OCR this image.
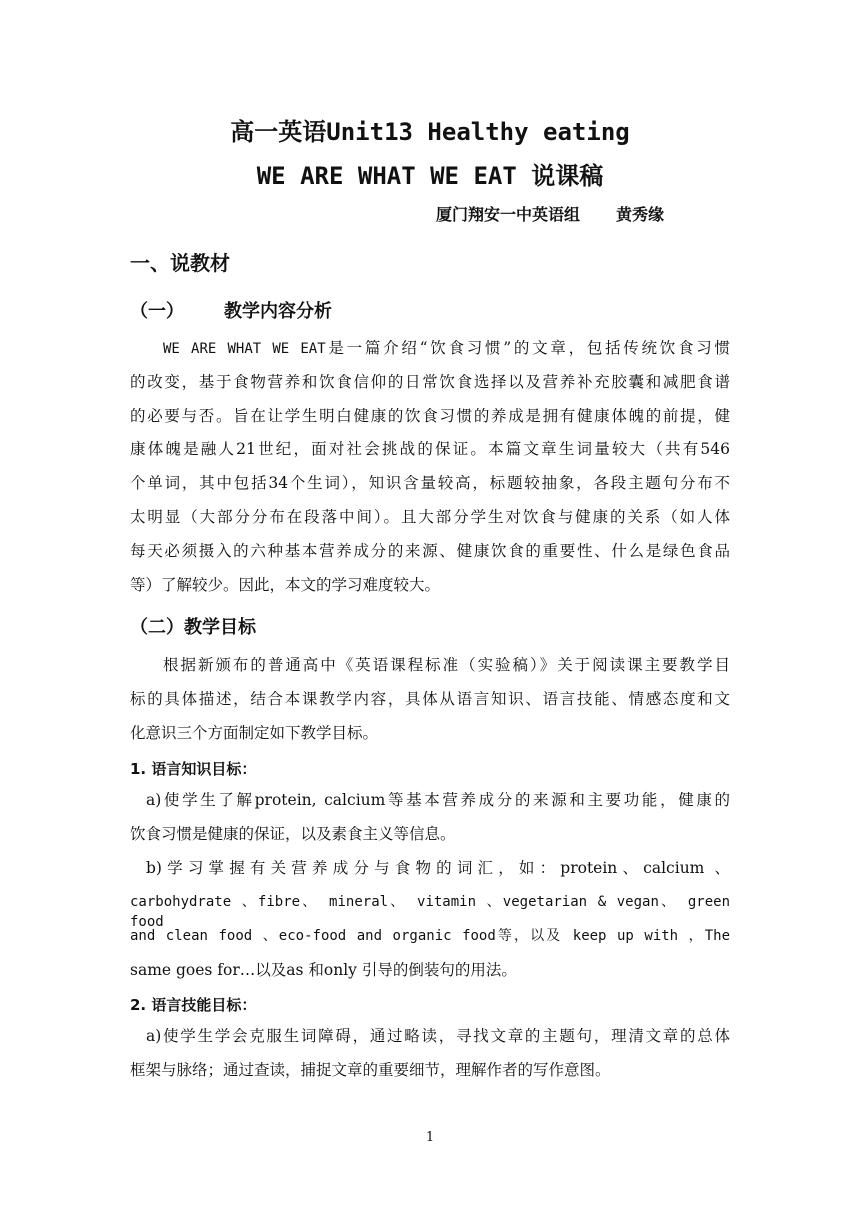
高一英语Unit13 Healthy eating
WE ARE WHAT WE EAT 说课稿
厦门翔安一中英语组 黄秀缘
一、说教材
（一） 教学内容分析
WE ARE WHAT WE EAT是一篇介绍“饮食习惯”的文章，包括传统饮食习惯
的改变，基于食物营养和饮食信仰的日常饮食选择以及营养补充胶囊和减肥食谱
的必要与否。旨在让学生明白健康的饮食习惯的养成是拥有健康体魄的前提，健
康体魄是融人21世纪，面对社会挑战的保证。本篇文章生词量较大（共有546
个单词，其中包括34个生词），知识含量较高，标题较抽象，各段主题句分布不
太明显（大部分分布在段落中间）。且大部分学生对饮食与健康的关系（如人体
每天必须摄入的六种基本营养成分的来源、健康饮食的重要性、什么是绿色食品
等）了解较少。因此，本文的学习难度较大。
（二）教学目标
根据新颁布的普通高中《英语课程标准（实验稿）》关于阅读课主要教学目
标的具体描述，结合本课教学内容，具体从语言知识、语言技能、情感态度和文
化意识三个方面制定如下教学目标。
1. 语言知识目标：
a)使学生了解protein, calcium等基本营养成分的来源和主要功能，健康的
饮食习惯是健康的保证，以及素食主义等信息。
b)学习掌握有关营养成分与食物的词汇，如：protein、calcium 、
carbohydrate 、fibre、 mineral、 vitamin 、vegetarian & vegan、 green food
and clean food 、eco-food and organic food等，以及 keep up with ，The
same goes for…以及as 和only 引导的倒装句的用法。
2. 语言技能目标：
a)使学生学会克服生词障碍，通过略读，寻找文章的主题句，理清文章的总体
框架与脉络；通过查读，捕捉文章的重要细节，理解作者的写作意图。
1
